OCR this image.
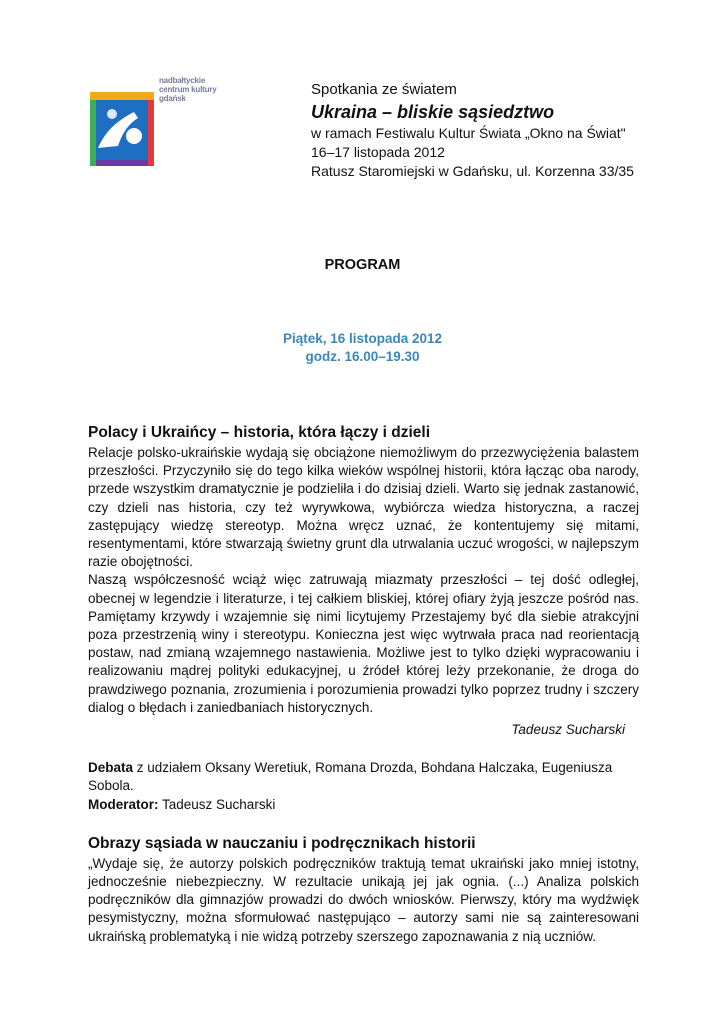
nadbałtyckie
centrum kultury
gdańsk
Spotkania ze światem
Ukraina – bliskie sąsiedztwo
w ramach Festiwalu Kultur Świata „Okno na Świat"
16–17 listopada 2012
Ratusz Staromiejski w Gdańsku, ul. Korzenna 33/35
PROGRAM
Piątek, 16 listopada 2012
godz. 16.00–19.30
Polacy i Ukraińcy – historia, która łączy i dzieli

Relacje polsko-ukraińskie wydają się obciążone niemożliwym do przezwyciężenia balastem przeszłości. Przyczyniło się do tego kilka wieków wspólnej historii, która łącząc oba narody, przede wszystkim dramatycznie je podzieliła i do dzisiaj dzieli. Warto się jednak zastanowić, czy dzieli nas historia, czy też wyrywkowa, wybiórcza wiedza historyczna, a raczej zastępujący wiedzę stereotyp. Można wręcz uznać, że kontentujemy się mitami, resentymentami, które stwarzają świetny grunt dla utrwalania uczuć wrogości, w najlepszym razie obojętności.

Naszą współczesność wciąż więc zatruwają miazmaty przeszłości – tej dość odległej, obecnej w legendzie i literaturze, i tej całkiem bliskiej, której ofiary żyją jeszcze pośród nas. Pamiętamy krzywdy i wzajemnie się nimi licytujemy Przestajemy być dla siebie atrakcyjni poza przestrzenią winy i stereotypu. Konieczna jest więc wytrwała praca nad reorientacją postaw, nad zmianą wzajemnego nastawienia. Możliwe jest to tylko dzięki wypracowaniu i realizowaniu mądrej polityki edukacyjnej, u źródeł której leży przekonanie, że droga do prawdziwego poznania, zrozumienia i porozumienia prowadzi tylko poprzez trudny i szczery dialog o błędach i zaniedbaniach historycznych.

Tadeusz Sucharski
Debata z udziałem Oksany Weretiuk, Romana Drozda, Bohdana Halczaka, Eugeniusza Sobola.
Moderator: Tadeusz Sucharski
Obrazy sąsiada w nauczaniu i podręcznikach historii

„Wydaje się, że autorzy polskich podręczników traktują temat ukraiński jako mniej istotny, jednocześnie niebezpieczny. W rezultacie unikają jej jak ognia. (...) Analiza polskich podręczników dla gimnazjów prowadzi do dwóch wniosków. Pierwszy, który ma wydźwięk pesymistyczny, można sformułować następująco – autorzy sami nie są zainteresowani ukraińską problematyką i nie widzą potrzeby szerszego zapoznawania z nią uczniów.
